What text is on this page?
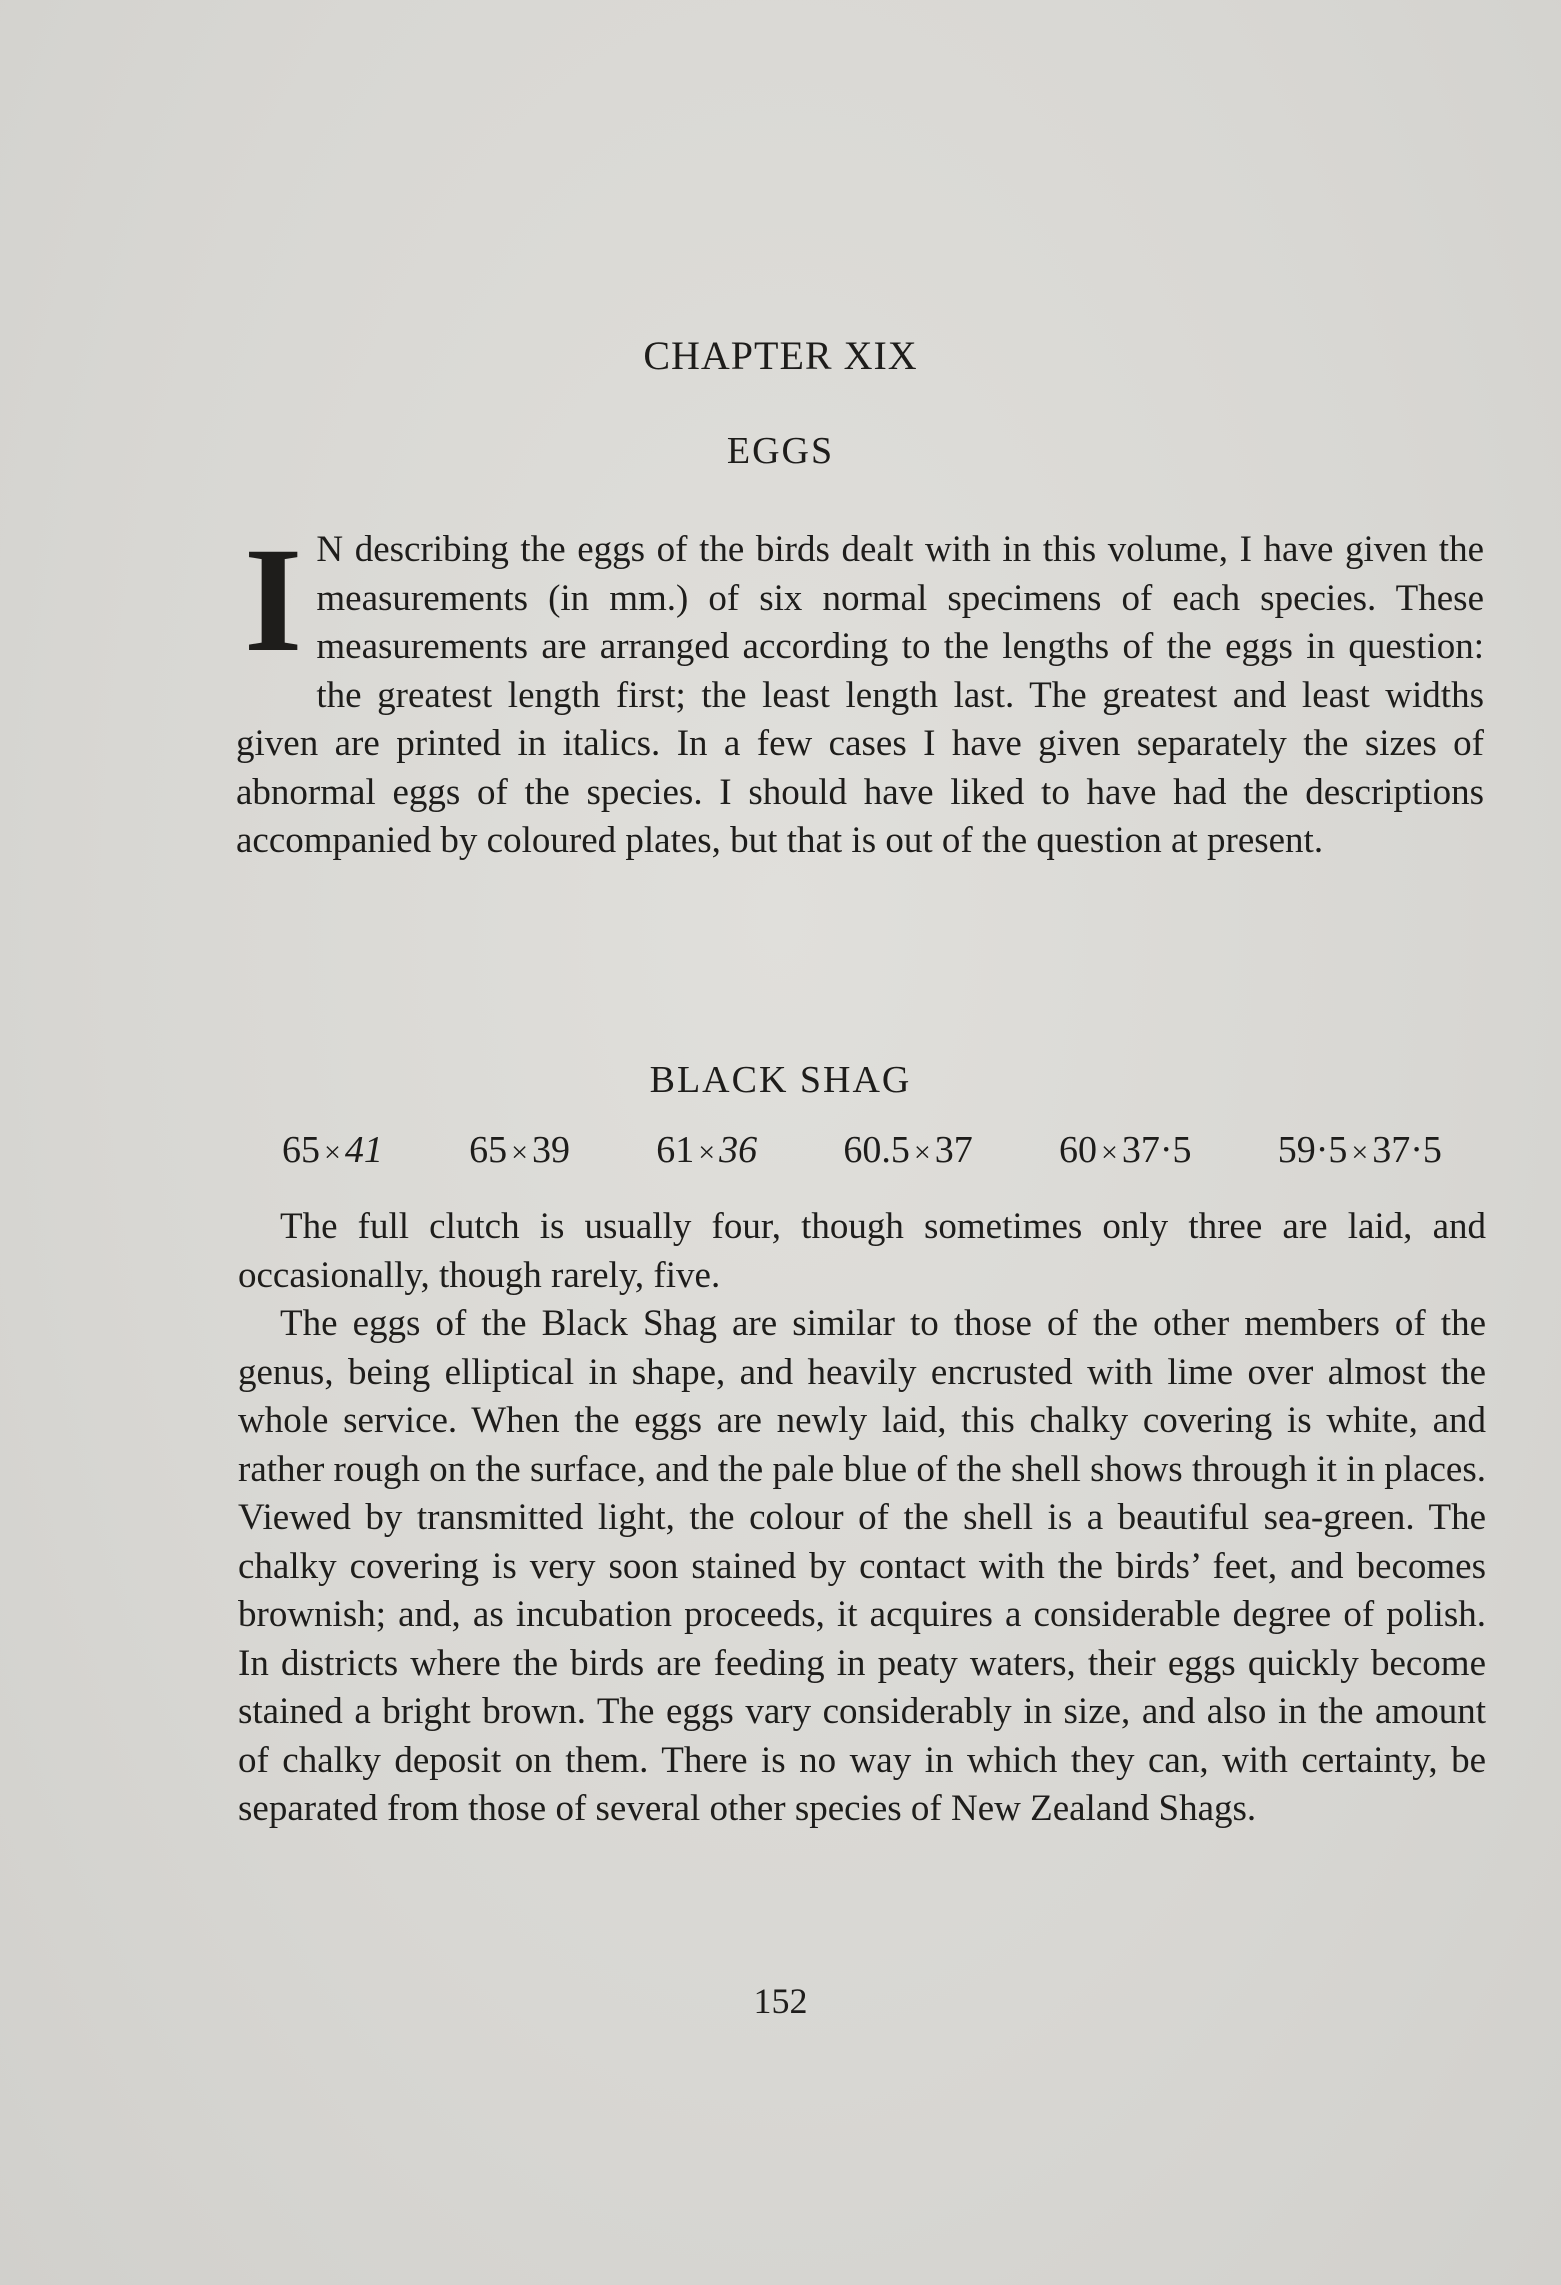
CHAPTER XIX
EGGS
I N describing the eggs of the birds dealt with in this volume, I have given the measurements (in mm.) of six normal specimens of each species. These measurements are arranged according to the lengths of the eggs in question: the greatest length first; the least length last. The greatest and least widths given are printed in italics. In a few cases I have given separately the sizes of abnormal eggs of the species. I should have liked to have had the descriptions accompanied by coloured plates, but that is out of the question at present.
BLACK SHAG
65 × 41 65 × 39 61 × 36 60.5 × 37 60 × 37·5 59·5 × 37·5

The full clutch is usually four, though sometimes only three are laid, and occasionally, though rarely, five.

The eggs of the Black Shag are similar to those of the other members of the genus, being elliptical in shape, and heavily encrusted with lime over almost the whole service. When the eggs are newly laid, this chalky covering is white, and rather rough on the surface, and the pale blue of the shell shows through it in places. Viewed by transmitted light, the colour of the shell is a beautiful sea-green. The chalky covering is very soon stained by contact with the birds’ feet, and becomes brownish; and, as incubation proceeds, it acquires a considerable degree of polish. In districts where the birds are feeding in peaty waters, their eggs quickly become stained a bright brown. The eggs vary considerably in size, and also in the amount of chalky deposit on them. There is no way in which they can, with certainty, be separated from those of several other species of New Zealand Shags.

152
